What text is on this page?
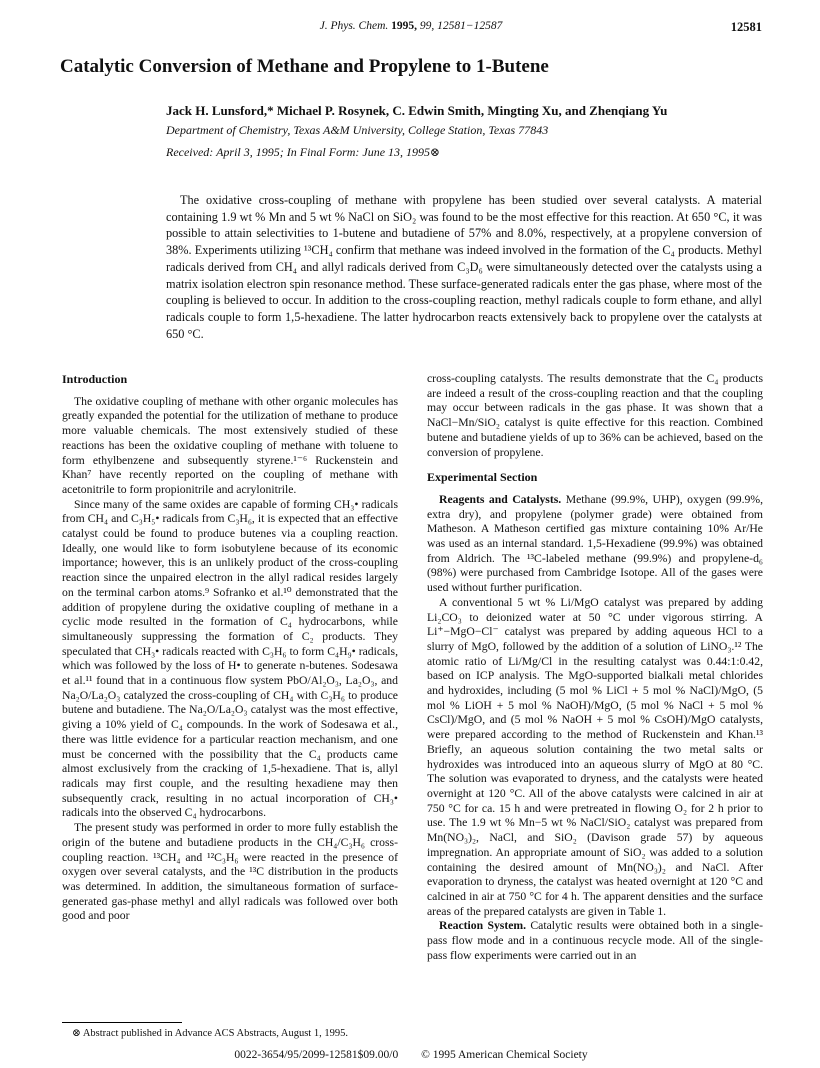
J. Phys. Chem. 1995, 99, 12581−12587	12581
Catalytic Conversion of Methane and Propylene to 1-Butene
Jack H. Lunsford,* Michael P. Rosynek, C. Edwin Smith, Mingting Xu, and Zhenqiang Yu
Department of Chemistry, Texas A&M University, College Station, Texas 77843
Received: April 3, 1995; In Final Form: June 13, 1995⊗

The oxidative cross-coupling of methane with propylene has been studied over several catalysts. A material containing 1.9 wt % Mn and 5 wt % NaCl on SiO₂ was found to be the most effective for this reaction. At 650 °C, it was possible to attain selectivities to 1-butene and butadiene of 57% and 8.0%, respectively, at a propylene conversion of 38%. Experiments utilizing ¹³CH₄ confirm that methane was indeed involved in the formation of the C₄ products. Methyl radicals derived from CH₄ and allyl radicals derived from C₃D₆ were simultaneously detected over the catalysts using a matrix isolation electron spin resonance method. These surface-generated radicals enter the gas phase, where most of the coupling is believed to occur. In addition to the cross-coupling reaction, methyl radicals couple to form ethane, and allyl radicals couple to form 1,5-hexadiene. The latter hydrocarbon reacts extensively back to propylene over the catalysts at 650 °C.

Introduction

The oxidative coupling of methane with other organic molecules has greatly expanded the potential for the utilization of methane to produce more valuable chemicals. The most extensively studied of these reactions has been the oxidative coupling of methane with toluene to form ethylbenzene and subsequently styrene.¹⁻⁶ Ruckenstein and Khan⁷ have recently reported on the coupling of methane with acetonitrile to form propionitrile and acrylonitrile.

Since many of the same oxides are capable of forming CH₃• radicals from CH₄ and C₃H₅• radicals from C₃H₆, it is expected that an effective catalyst could be found to produce butenes via a coupling reaction. Ideally, one would like to form isobutylene because of its economic importance; however, this is an unlikely product of the cross-coupling reaction since the unpaired electron in the allyl radical resides largely on the terminal carbon atoms.⁹ Sofranko et al.¹⁰ demonstrated that the addition of propylene during the oxidative coupling of methane in a cyclic mode resulted in the formation of C₄ hydrocarbons, while simultaneously suppressing the formation of C₂ products. They speculated that CH₃• radicals reacted with C₃H₆ to form C₄H₉• radicals, which was followed by the loss of H• to generate n-butenes. Sodesawa et al.¹¹ found that in a continuous flow system PbO/Al₂O₃, La₂O₃, and Na₂O/La₂O₃ catalyzed the cross-coupling of CH₄ with C₃H₆ to produce butene and butadiene. The Na₂O/La₂O₃ catalyst was the most effective, giving a 10% yield of C₄ compounds. In the work of Sodesawa et al., there was little evidence for a particular reaction mechanism, and one must be concerned with the possibility that the C₄ products came almost exclusively from the cracking of 1,5-hexadiene. That is, allyl radicals may first couple, and the resulting hexadiene may then subsequently crack, resulting in no actual incorporation of CH₃• radicals into the observed C₄ hydrocarbons.

The present study was performed in order to more fully establish the origin of the butene and butadiene products in the CH₄/C₃H₆ cross-coupling reaction. ¹³CH₄ and ¹²C₃H₆ were reacted in the presence of oxygen over several catalysts, and the ¹³C distribution in the products was determined. In addition, the simultaneous formation of surface-generated gas-phase methyl and allyl radicals was followed over both good and poor

cross-coupling catalysts. The results demonstrate that the C₄ products are indeed a result of the cross-coupling reaction and that the coupling may occur between radicals in the gas phase. It was shown that a NaCl−Mn/SiO₂ catalyst is quite effective for this reaction. Combined butene and butadiene yields of up to 36% can be achieved, based on the conversion of propylene.

Experimental Section

Reagents and Catalysts. Methane (99.9%, UHP), oxygen (99.9%, extra dry), and propylene (polymer grade) were obtained from Matheson. A Matheson certified gas mixture containing 10% Ar/He was used as an internal standard. 1,5-Hexadiene (99.9%) was obtained from Aldrich. The ¹³C-labeled methane (99.9%) and propylene-d₆ (98%) were purchased from Cambridge Isotope. All of the gases were used without further purification.

A conventional 5 wt % Li/MgO catalyst was prepared by adding Li₂CO₃ to deionized water at 50 °C under vigorous stirring. A Li⁺−MgO−Cl⁻ catalyst was prepared by adding aqueous HCl to a slurry of MgO, followed by the addition of a solution of LiNO₃.¹² The atomic ratio of Li/Mg/Cl in the resulting catalyst was 0.44:1:0.42, based on ICP analysis. The MgO-supported bialkali metal chlorides and hydroxides, including (5 mol % LiCl + 5 mol % NaCl)/MgO, (5 mol % LiOH + 5 mol % NaOH)/MgO, (5 mol % NaCl + 5 mol % CsCl)/MgO, and (5 mol % NaOH + 5 mol % CsOH)/MgO catalysts, were prepared according to the method of Ruckenstein and Khan.¹³ Briefly, an aqueous solution containing the two metal salts or hydroxides was introduced into an aqueous slurry of MgO at 80 °C. The solution was evaporated to dryness, and the catalysts were heated overnight at 120 °C. All of the above catalysts were calcined in air at 750 °C for ca. 15 h and were pretreated in flowing O₂ for 2 h prior to use. The 1.9 wt % Mn−5 wt % NaCl/SiO₂ catalyst was prepared from Mn(NO₃)₂, NaCl, and SiO₂ (Davison grade 57) by aqueous impregnation. An appropriate amount of SiO₂ was added to a solution containing the desired amount of Mn(NO₃)₂ and NaCl. After evaporation to dryness, the catalyst was heated overnight at 120 °C and calcined in air at 750 °C for 4 h. The apparent densities and the surface areas of the prepared catalysts are given in Table 1.

Reaction System. Catalytic results were obtained both in a single-pass flow mode and in a continuous recycle mode. All of the single-pass flow experiments were carried out in an

⊗ Abstract published in Advance ACS Abstracts, August 1, 1995.
0022-3654/95/2099-12581$09.00/0 © 1995 American Chemical Society
